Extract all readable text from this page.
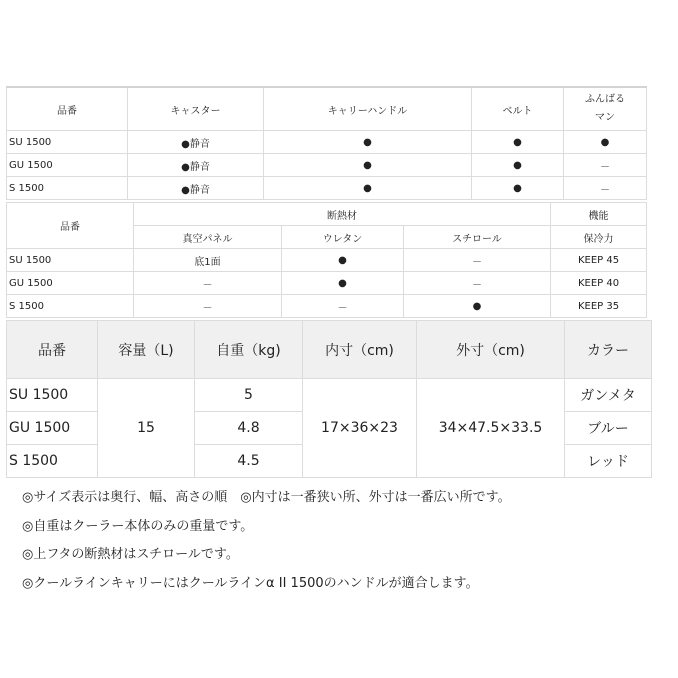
品番	キャスター	キャリーハンドル	ベルト	ふんばる
マン
SU 1500	●静音	●	●	●
GU 1500	●静音	●	●	－
S 1500	●静音	●	●	－
品番	断熱材			機能
	真空パネル	ウレタン	スチロール	保冷力
SU 1500	底1面	●	－	KEEP 45
GU 1500	－	●	－	KEEP 40
S 1500	－	－	●	KEEP 35
品番	容量（L)	自重（kg)	内寸（cm)	外寸（cm)	カラー
SU 1500	15	5	17×36×23	34×47.5×33.5	ガンメタ
GU 1500		4.8			ブルー
S 1500		4.5			レッド
◎サイズ表示は奥行、幅、高さの順　◎内寸は一番狭い所、外寸は一番広い所です。
◎自重はクーラー本体のみの重量です。
◎上フタの断熱材はスチロールです。
◎クールラインキャリーにはクールラインα II 1500のハンドルが適合します。
